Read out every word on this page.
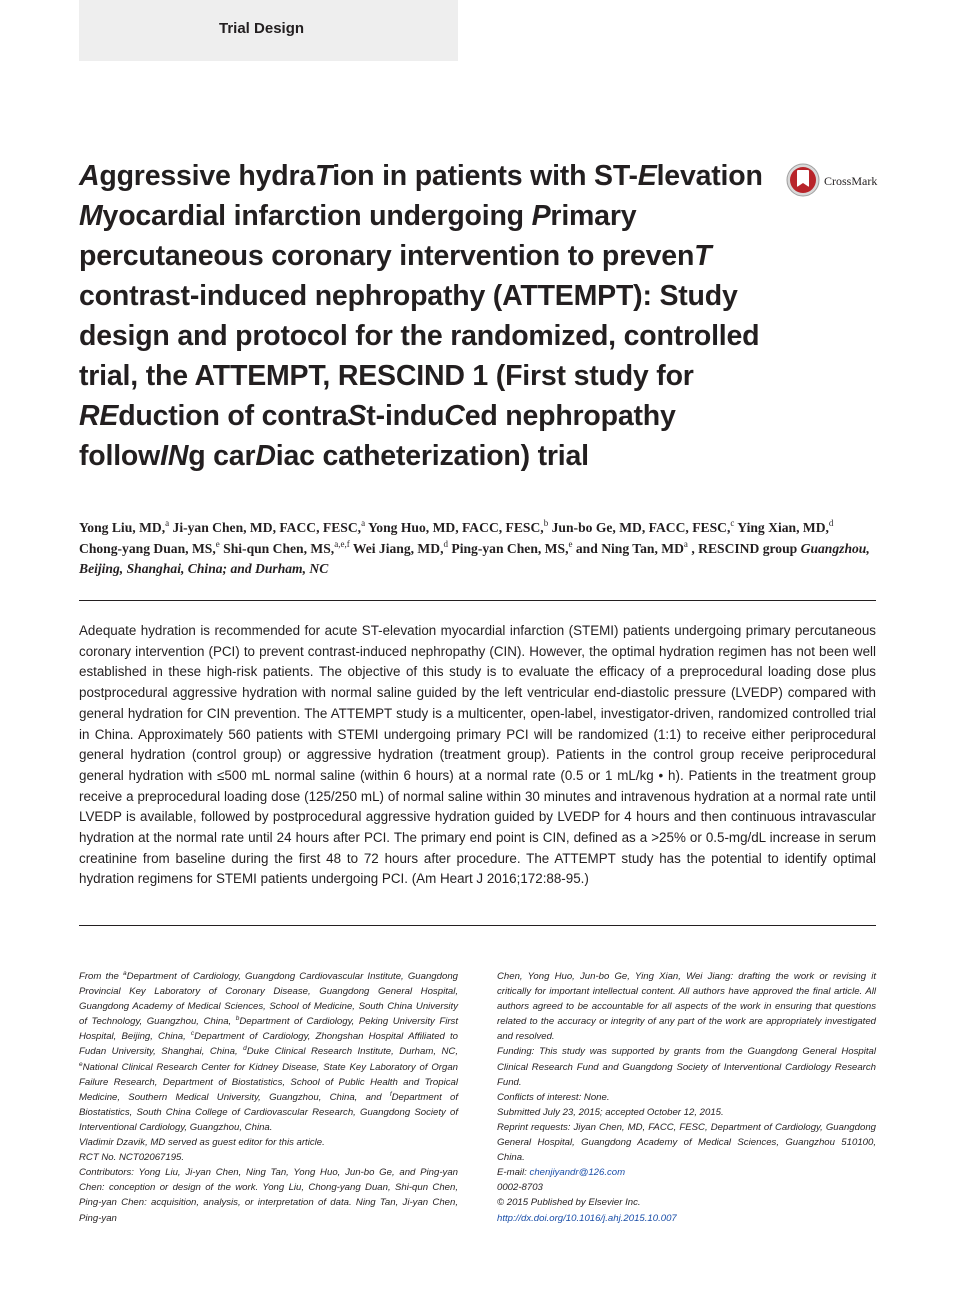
Trial Design
Aggressive hydraTion in patients with ST-Elevation Myocardial infarction undergoing Primary percutaneous coronary intervention to prevenT contrast-induced nephropathy (ATTEMPT): Study design and protocol for the randomized, controlled trial, the ATTEMPT, RESCIND 1 (First study for REduction of contraSt-induCed nephropathy followINg carDiac catheterization) trial
CrossMark
Yong Liu, MD,$^a$ Ji-yan Chen, MD, FACC, FESC,$^a$ Yong Huo, MD, FACC, FESC,$^b$ Jun-bo Ge, MD, FACC, FESC,$^c$ Ying Xian, MD,$^d$ Chong-yang Duan, MS,$^e$ Shi-qun Chen, MS,$^{a,e,f}$ Wei Jiang, MD,$^d$ Ping-yan Chen, MS,$^e$ and Ning Tan, $MD^a$ , RESCIND group Guangzhou, Beijing, Shanghai, China; and Durham, NC
Adequate hydration is recommended for acute ST-elevation myocardial infarction (STEMI) patients undergoing primary percutaneous coronary intervention (PCI) to prevent contrast-induced nephropathy (CIN). However, the optimal hydration regimen has not been well established in these high-risk patients. The objective of this study is to evaluate the efficacy of a preprocedural loading dose plus postprocedural aggressive hydration with normal saline guided by the left ventricular end-diastolic pressure (LVEDP) compared with general hydration for CIN prevention. The ATTEMPT study is a multicenter, open-label, investigator-driven, randomized controlled trial in China. Approximately 560 patients with STEMI undergoing primary PCI will be randomized (1:1) to receive either periprocedural general hydration (control group) or aggressive hydration (treatment group). Patients in the control group receive periprocedural general hydration with ≤500 mL normal saline (within 6 hours) at a normal rate (0.5 or 1 mL/kg • h). Patients in the treatment group receive a preprocedural loading dose (125/250 mL) of normal saline within 30 minutes and intravenous hydration at a normal rate until LVEDP is available, followed by postprocedural aggressive hydration guided by LVEDP for 4 hours and then continuous intravascular hydration at the normal rate until 24 hours after PCI. The primary end point is CIN, defined as a >25% or 0.5-mg/dL increase in serum creatinine from baseline during the first 48 to 72 hours after procedure. The ATTEMPT study has the potential to identify optimal hydration regimens for STEMI patients undergoing PCI. (Am Heart J 2016;172:88-95.)

From the $^a$Department of Cardiology, Guangdong Cardiovascular Institute, Guangdong Provincial Key Laboratory of Coronary Disease, Guangdong General Hospital, Guangdong Academy of Medical Sciences, School of Medicine, South China University of Technology, Guangzhou, China, $^b$Department of Cardiology, Peking University First Hospital, Beijing, China, $^c$Department of Cardiology, Zhongshan Hospital Affiliated to Fudan University, Shanghai, China, $^d$Duke Clinical Research Institute, Durham, NC, $^e$National Clinical Research Center for Kidney Disease, State Key Laboratory of Organ Failure Research, Department of Biostatistics, School of Public Health and Tropical Medicine, Southern Medical University, Guangzhou, China, and $^f$Department of Biostatistics, South China College of Cardiovascular Research, Guangdong Society of Interventional Cardiology, Guangzhou, China.

Vladimir Dzavik, MD served as guest editor for this article.

RCT No. NCT02067195.

Contributors: Yong Liu, Ji-yan Chen, Ning Tan, Yong Huo, Jun-bo Ge, and Ping-yan Chen: conception or design of the work. Yong Liu, Chong-yang Duan, Shi-qun Chen, Ping-yan Chen: acquisition, analysis, or interpretation of data. Ning Tan, Ji-yan Chen, Ping-yan

Chen, Yong Huo, Jun-bo Ge, Ying Xian, Wei Jiang: drafting the work or revising it critically for important intellectual content. All authors have approved the final article. All authors agreed to be accountable for all aspects of the work in ensuring that questions related to the accuracy or integrity of any part of the work are appropriately investigated and resolved.

Funding: This study was supported by grants from the Guangdong General Hospital Clinical Research Fund and Guangdong Society of Interventional Cardiology Research Fund.

Conflicts of interest: None.

Submitted July 23, 2015; accepted October 12, 2015.

Reprint requests: Jiyan Chen, MD, FACC, FESC, Department of Cardiology, Guangdong General Hospital, Guangdong Academy of Medical Sciences, Guangzhou 510100, China.

E-mail: chenjiyandr@126.com

0002-8703

© 2015 Published by Elsevier Inc.

http://dx.doi.org/10.1016/j.ahj.2015.10.007
